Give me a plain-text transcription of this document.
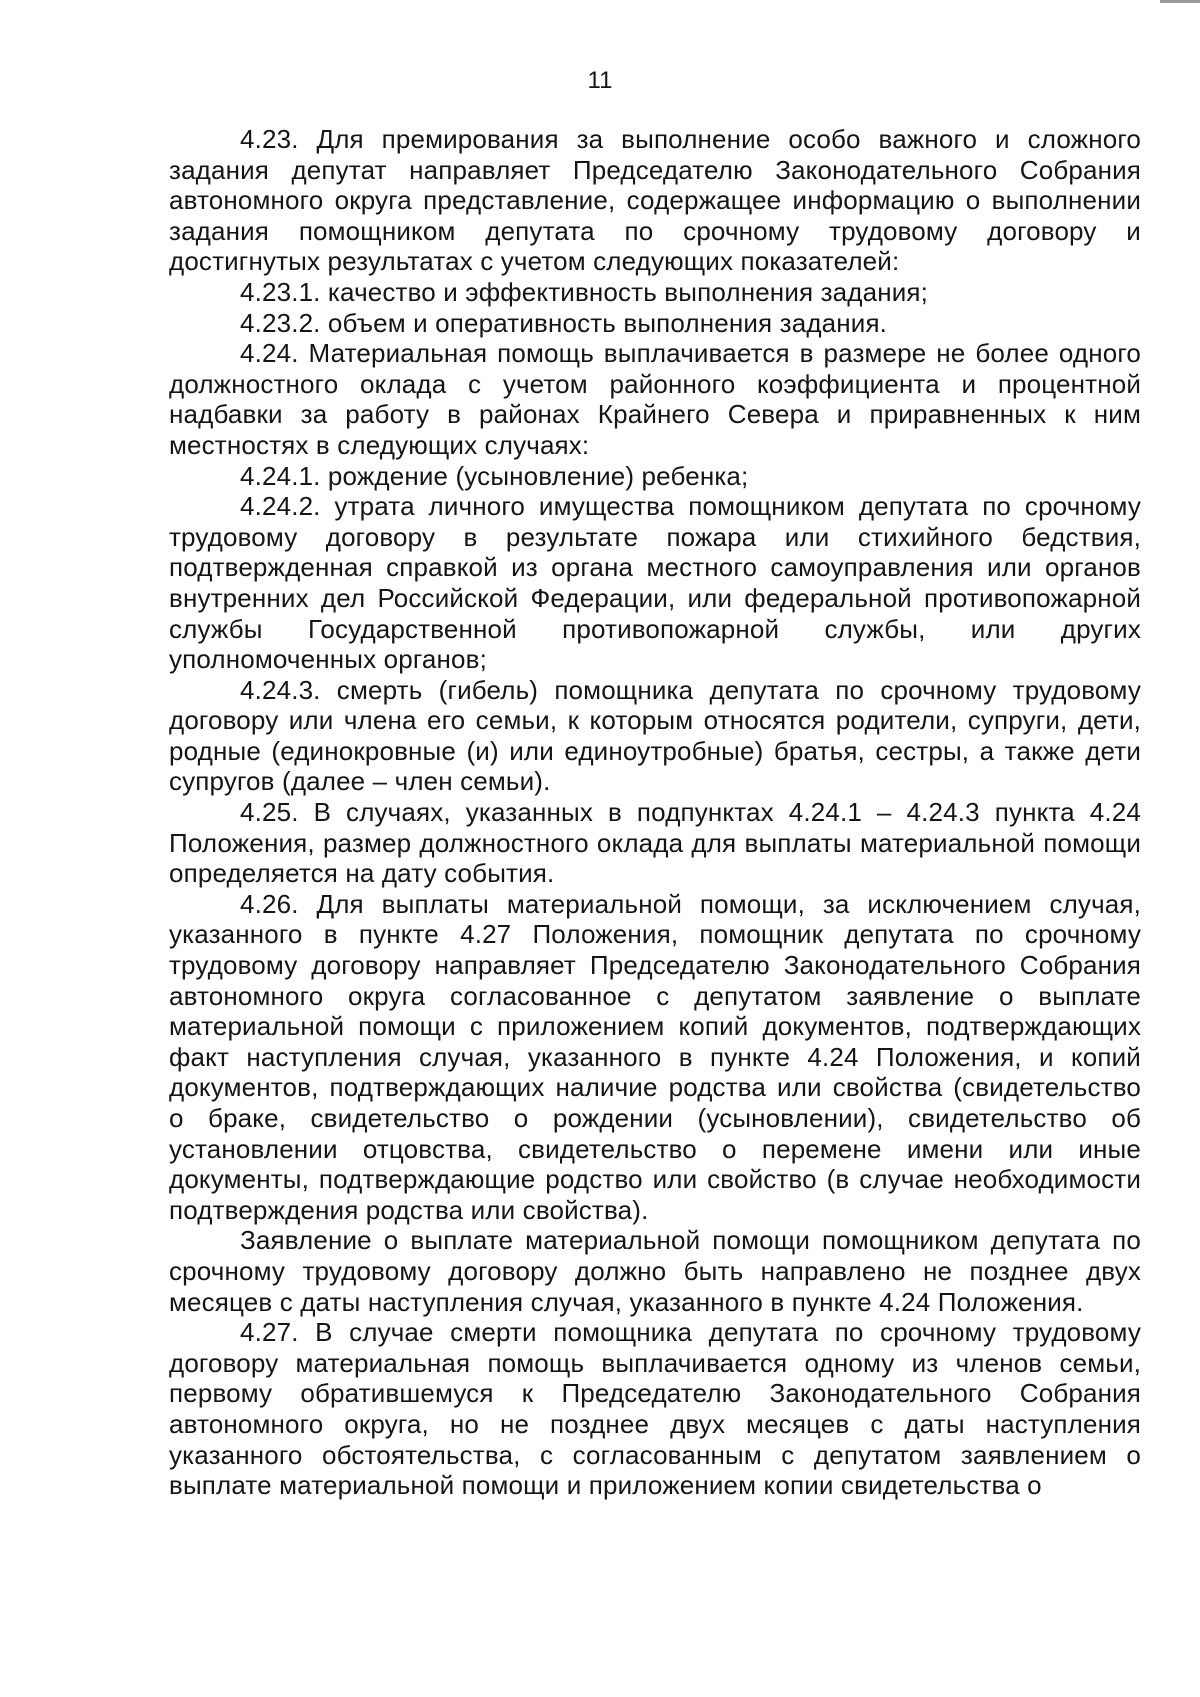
11

4.23. Для премирования за выполнение особо важного и сложного задания депутат направляет Председателю Законодательного Собрания автономного округа представление, содержащее информацию о выполнении задания помощником депутата по срочному трудовому договору и достигнутых результатах с учетом следующих показателей:

4.23.1. качество и эффективность выполнения задания;

4.23.2. объем и оперативность выполнения задания.

4.24. Материальная помощь выплачивается в размере не более одного должностного оклада с учетом районного коэффициента и процентной надбавки за работу в районах Крайнего Севера и приравненных к ним местностях в следующих случаях:

4.24.1. рождение (усыновление) ребенка;

4.24.2. утрата личного имущества помощником депутата по срочному трудовому договору в результате пожара или стихийного бедствия, подтвержденная справкой из органа местного самоуправления или органов внутренних дел Российской Федерации, или федеральной противопожарной службы Государственной противопожарной службы, или других уполномоченных органов;

4.24.3. смерть (гибель) помощника депутата по срочному трудовому договору или члена его семьи, к которым относятся родители, супруги, дети, родные (единокровные (и) или единоутробные) братья, сестры, а также дети супругов (далее – член семьи).

4.25. В случаях, указанных в подпунктах 4.24.1 – 4.24.3 пункта 4.24 Положения, размер должностного оклада для выплаты материальной помощи определяется на дату события.

4.26. Для выплаты материальной помощи, за исключением случая, указанного в пункте 4.27 Положения, помощник депутата по срочному трудовому договору направляет Председателю Законодательного Собрания автономного округа согласованное с депутатом заявление о выплате материальной помощи с приложением копий документов, подтверждающих факт наступления случая, указанного в пункте 4.24 Положения, и копий документов, подтверждающих наличие родства или свойства (свидетельство о браке, свидетельство о рождении (усыновлении), свидетельство об установлении отцовства, свидетельство о перемене имени или иные документы, подтверждающие родство или свойство (в случае необходимости подтверждения родства или свойства).

Заявление о выплате материальной помощи помощником депутата по срочному трудовому договору должно быть направлено не позднее двух месяцев с даты наступления случая, указанного в пункте 4.24 Положения.

4.27. В случае смерти помощника депутата по срочному трудовому договору материальная помощь выплачивается одному из членов семьи, первому обратившемуся к Председателю Законодательного Собрания автономного округа, но не позднее двух месяцев с даты наступления указанного обстоятельства, с согласованным с депутатом заявлением о выплате материальной помощи и приложением копии свидетельства о
